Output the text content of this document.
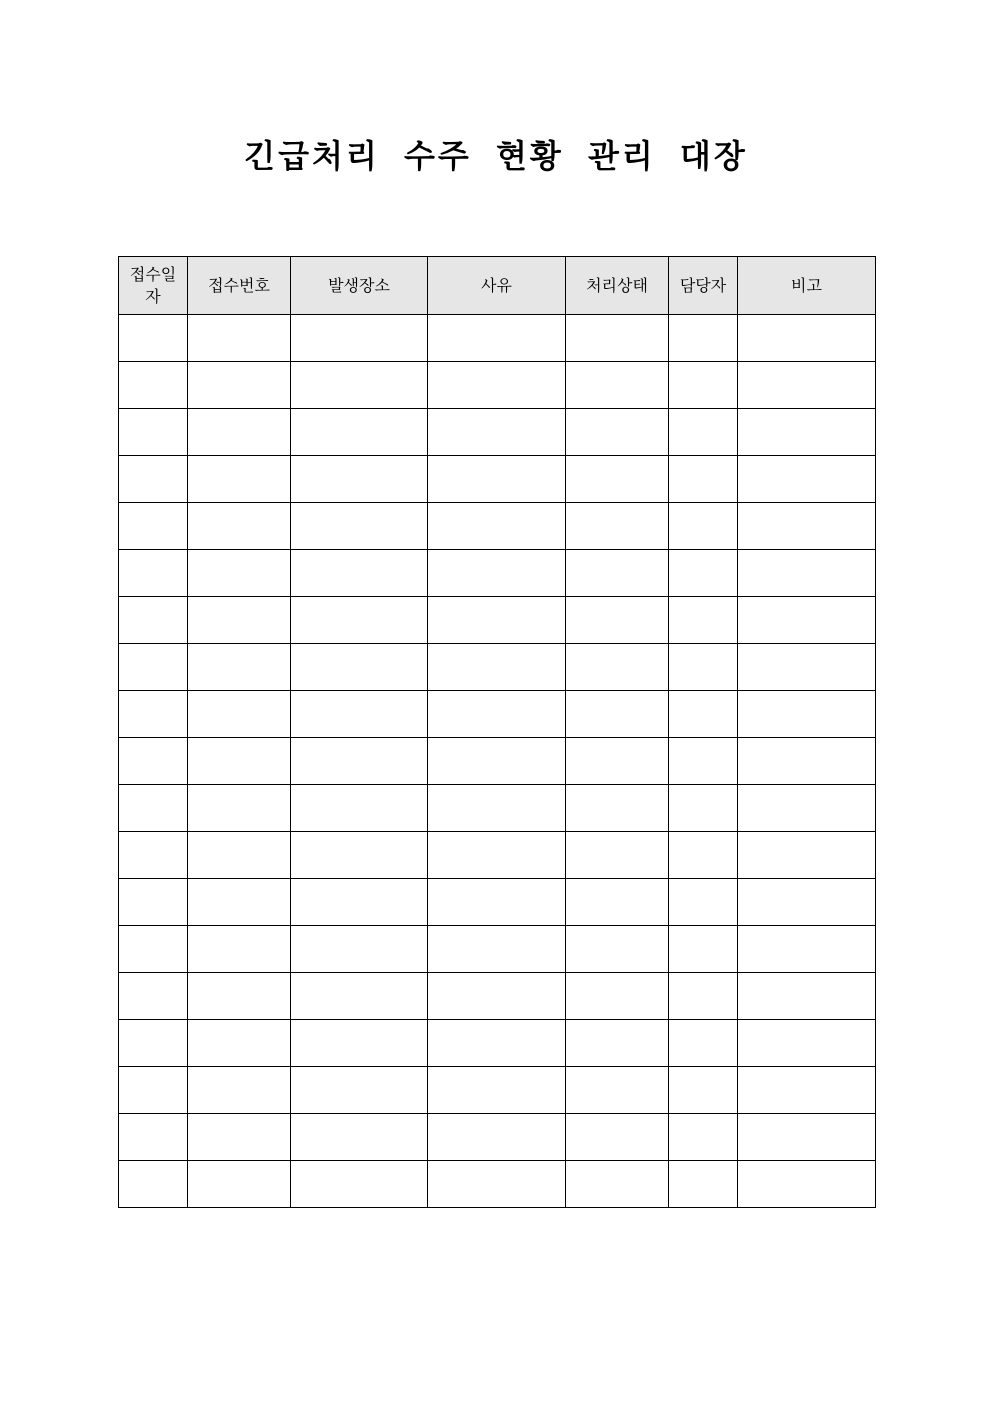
긴급처리 수주 현황 관리 대장
접수일자	접수번호	발생장소	사유	처리상태	담당자	비고
